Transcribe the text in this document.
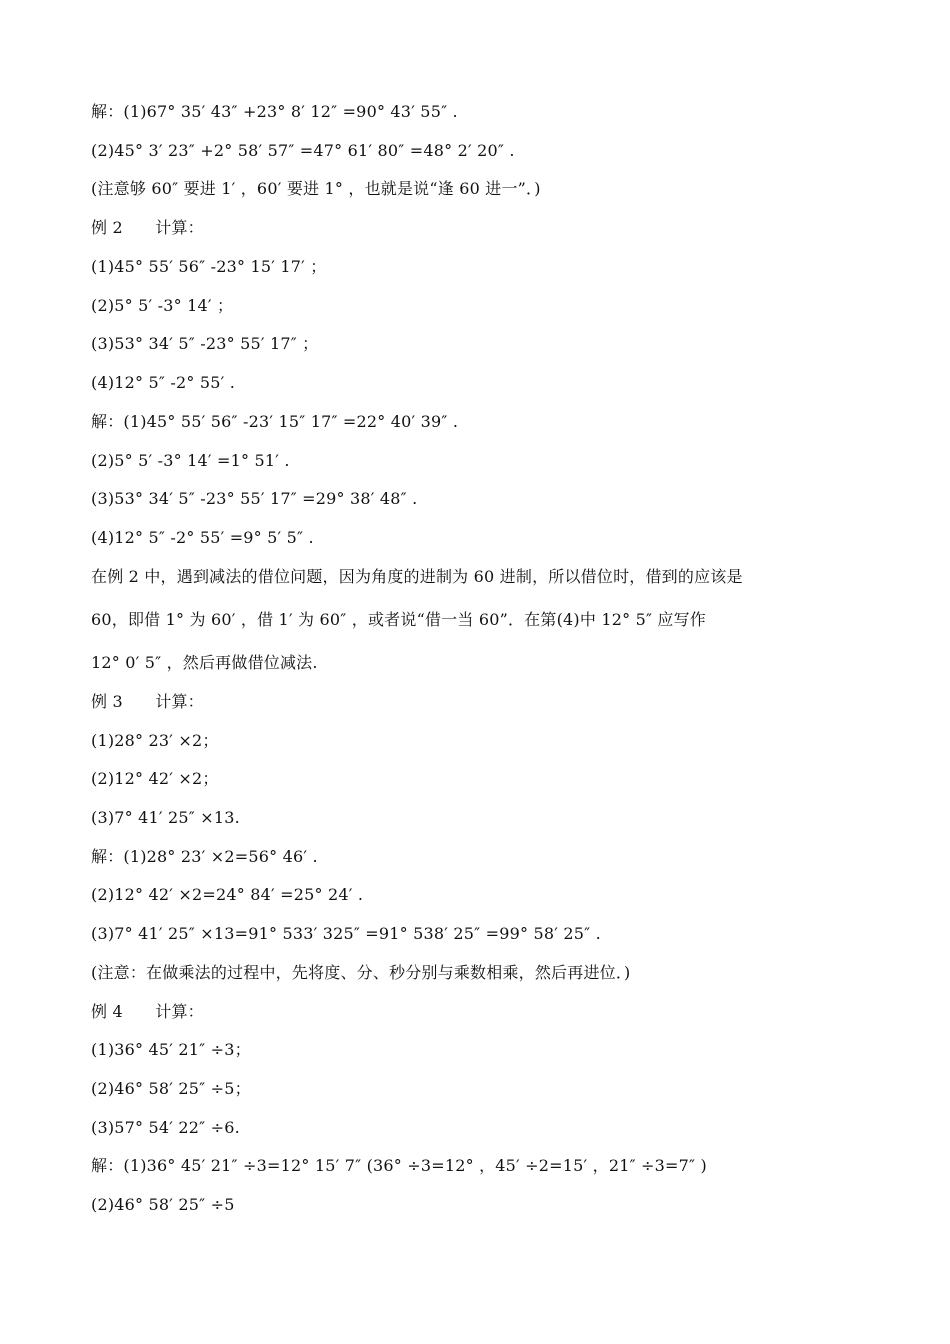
解：(1)67° 35′ 43″ +23° 8′ 12″ =90° 43′ 55″ .
(2)45° 3′ 23″ +2° 58′ 57″ =47° 61′ 80″ =48° 2′ 20″ .
(注意够 60″ 要进 1′ ，60′ 要进 1° ，也就是说“逢 60 进一”．)
例 2　　计算：
(1)45° 55′ 56″ -23° 15′ 17′ ；
(2)5° 5′ -3° 14′ ；
(3)53° 34′ 5″ -23° 55′ 17″ ；
(4)12° 5″ -2° 55′ .
解：(1)45° 55′ 56″ -23′ 15″ 17″ =22° 40′ 39″ .
(2)5° 5′ -3° 14′ =1° 51′ .
(3)53° 34′ 5″ -23° 55′ 17″ =29° 38′ 48″ .
(4)12° 5″ -2° 55′ =9° 5′ 5″ .
在例 2 中，遇到减法的借位问题，因为角度的进制为 60 进制，所以借位时，借到的应该是
60，即借 1° 为 60′ ，借 1′ 为 60″ ，或者说“借一当 60”．在第(4)中 12° 5″ 应写作
12° 0′ 5″ ，然后再做借位减法.
例 3　　计算：
(1)28° 23′ ×2；
(2)12° 42′ ×2；
(3)7° 41′ 25″ ×13.
解：(1)28° 23′ ×2=56° 46′ .
(2)12° 42′ ×2=24° 84′ =25° 24′ .
(3)7° 41′ 25″ ×13=91° 533′ 325″ =91° 538′ 25″ =99° 58′ 25″ .
(注意：在做乘法的过程中，先将度、分、秒分别与乘数相乘，然后再进位．)
例 4　　计算：
(1)36° 45′ 21″ ÷3；
(2)46° 58′ 25″ ÷5；
(3)57° 54′ 22″ ÷6.
解：(1)36° 45′ 21″ ÷3=12° 15′ 7″ (36° ÷3=12° ，45′ ÷2=15′ ，21″ ÷3=7″ )
(2)46° 58′ 25″ ÷5
